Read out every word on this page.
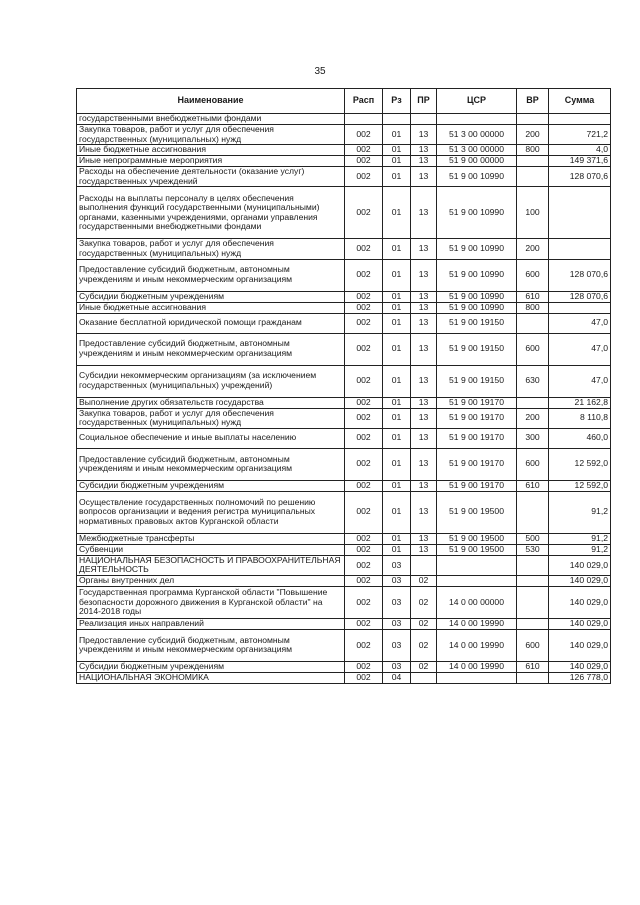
35
Наименование	Расп	Рз	ПР	ЦСР	ВР	Сумма
государственными внебюджетными фондами						
Закупка товаров, работ и услуг для обеспечения государственных (муниципальных) нужд	002	01	13	51 3 00 00000	200	721,2
Иные бюджетные ассигнования	002	01	13	51 3 00 00000	800	4,0
Иные непрограммные мероприятия	002	01	13	51 9 00 00000		149 371,6
Расходы на обеспечение деятельности (оказание услуг) государственных учреждений	002	01	13	51 9 00 10990		128 070,6
Расходы на выплаты персоналу в целях обеспечения выполнения функций государственными (муниципальными) органами, казенными учреждениями, органами управления государственными внебюджетными фондами	002	01	13	51 9 00 10990	100	
Закупка товаров, работ и услуг для обеспечения государственных (муниципальных) нужд	002	01	13	51 9 00 10990	200	
Предоставление субсидий бюджетным, автономным учреждениям и иным некоммерческим организациям	002	01	13	51 9 00 10990	600	128 070,6
Субсидии бюджетным учреждениям	002	01	13	51 9 00 10990	610	128 070,6
Иные бюджетные ассигнования	002	01	13	51 9 00 10990	800	
Оказание бесплатной юридической помощи гражданам	002	01	13	51 9 00 19150		47,0
Предоставление субсидий бюджетным, автономным учреждениям и иным некоммерческим организациям	002	01	13	51 9 00 19150	600	47,0
Субсидии некоммерческим организациям (за исключением государственных (муниципальных) учреждений)	002	01	13	51 9 00 19150	630	47,0
Выполнение других обязательств государства	002	01	13	51 9 00 19170		21 162,8
Закупка товаров, работ и услуг для обеспечения государственных (муниципальных) нужд	002	01	13	51 9 00 19170	200	8 110,8
Социальное обеспечение и иные выплаты населению	002	01	13	51 9 00 19170	300	460,0
Предоставление субсидий бюджетным, автономным учреждениям и иным некоммерческим организациям	002	01	13	51 9 00 19170	600	12 592,0
Субсидии бюджетным учреждениям	002	01	13	51 9 00 19170	610	12 592,0
Осуществление государственных полномочий по решению вопросов организации и ведения регистра муниципальных нормативных правовых актов Курганской области	002	01	13	51 9 00 19500		91,2
Межбюджетные трансферты	002	01	13	51 9 00 19500	500	91,2
Субвенции	002	01	13	51 9 00 19500	530	91,2
НАЦИОНАЛЬНАЯ БЕЗОПАСНОСТЬ И ПРАВООХРАНИТЕЛЬНАЯ ДЕЯТЕЛЬНОСТЬ	002	03				140 029,0
Органы внутренних дел	002	03	02			140 029,0
Государственная программа Курганской области "Повышение безопасности дорожного движения в Курганской области" на 2014-2018 годы	002	03	02	14 0 00 00000		140 029,0
Реализация иных направлений	002	03	02	14 0 00 19990		140 029,0
Предоставление субсидий бюджетным, автономным учреждениям и иным некоммерческим организациям	002	03	02	14 0 00 19990	600	140 029,0
Субсидии бюджетным учреждениям	002	03	02	14 0 00 19990	610	140 029,0
НАЦИОНАЛЬНАЯ ЭКОНОМИКА	002	04				126 778,0
